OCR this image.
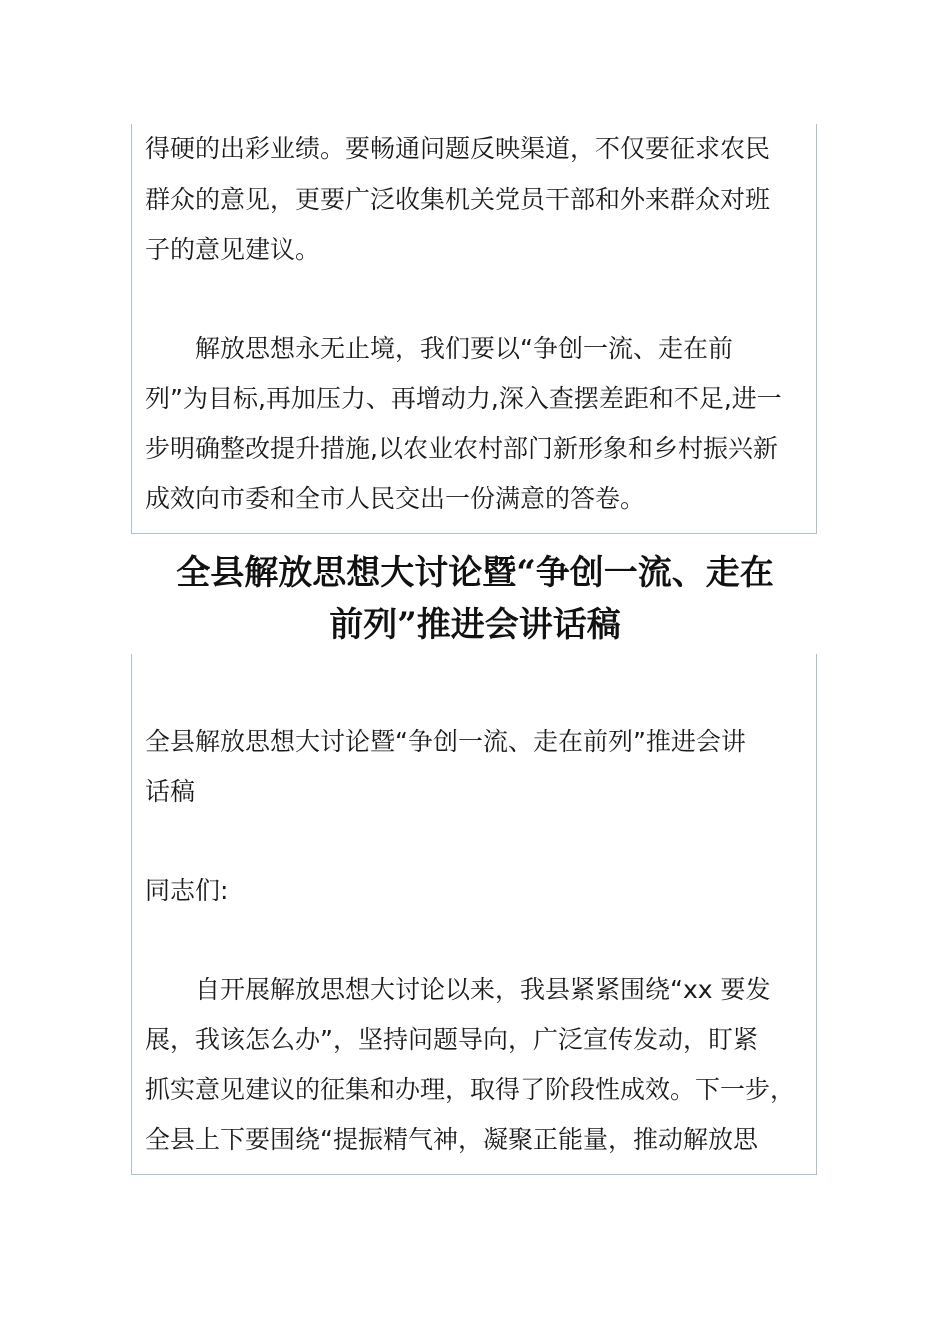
得硬的出彩业绩。要畅通问题反映渠道，不仅要征求农民
群众的意见，更要广泛收集机关党员干部和外来群众对班
子的意见建议。
　　解放思想永无止境，我们要以“争创一流、走在前
列”为目标,再加压力、再增动力,深入查摆差距和不足,进一
步明确整改提升措施,以农业农村部门新形象和乡村振兴新
成效向市委和全市人民交出一份满意的答卷。
全县解放思想大讨论暨“争创一流、走在
前列”推进会讲话稿
全县解放思想大讨论暨“争创一流、走在前列”推进会讲
话稿
同志们:
　　自开展解放思想大讨论以来，我县紧紧围绕“xx 要发
展，我该怎么办”，坚持问题导向，广泛宣传发动，盯紧
抓实意见建议的征集和办理，取得了阶段性成效。下一步，
全县上下要围绕“提振精气神，凝聚正能量，推动解放思
